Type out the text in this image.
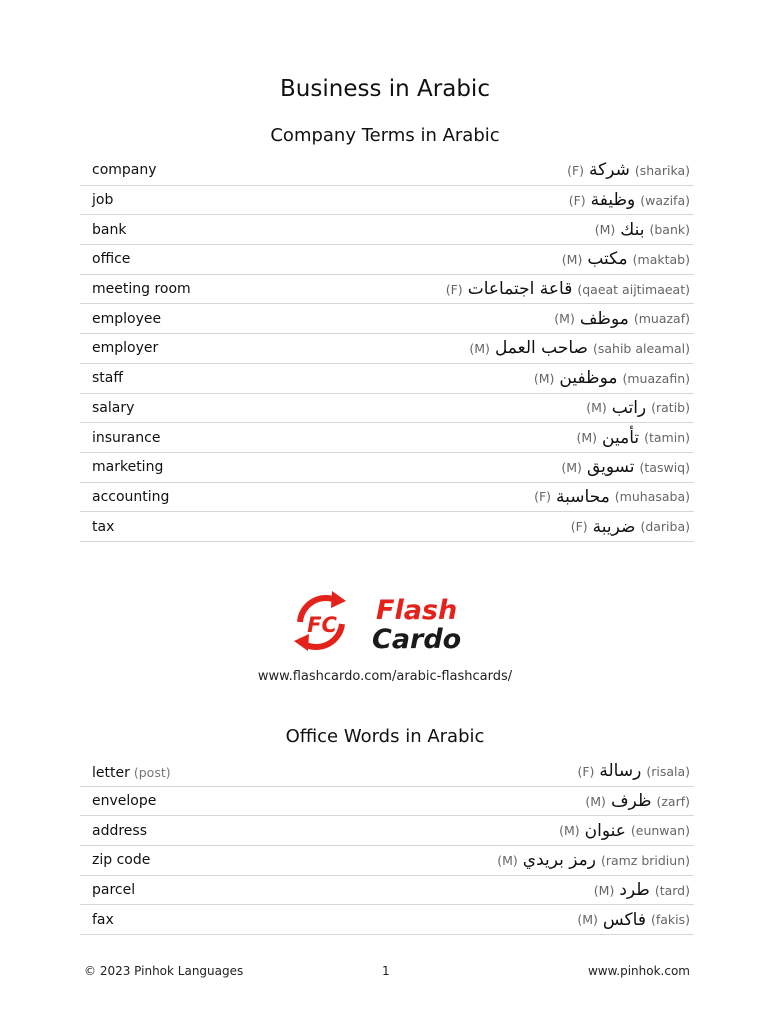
Business in Arabic
Company Terms in Arabic
company	(F) شركة (sharika)
job	(F) وظيفة (wazifa)
bank	(M) بنك (bank)
office	(M) مكتب (maktab)
meeting room	(F) قاعة اجتماعات (qaeat aijtimaeat)
employee	(M) موظف (muazaf)
employer	(M) صاحب العمل (sahib aleamal)
staff	(M) موظفين (muazafin)
salary	(M) راتب (ratib)
insurance	(M) تأمين (tamin)
marketing	(M) تسويق (taswiq)
accounting	(F) محاسبة (muhasaba)
tax	(F) ضريبة (dariba)
FC Flash
Cardo
www.flashcardo.com/arabic-flashcards/
Office Words in Arabic
letter (post)	(F) رسالة (risala)
envelope	(M) ظرف (zarf)
address	(M) عنوان (eunwan)
zip code	(M) رمز بريدي (ramz bridiun)
parcel	(M) طرد (tard)
fax	(M) فاكس (fakis)
© 2023 Pinhok Languages	1	www.pinhok.com
